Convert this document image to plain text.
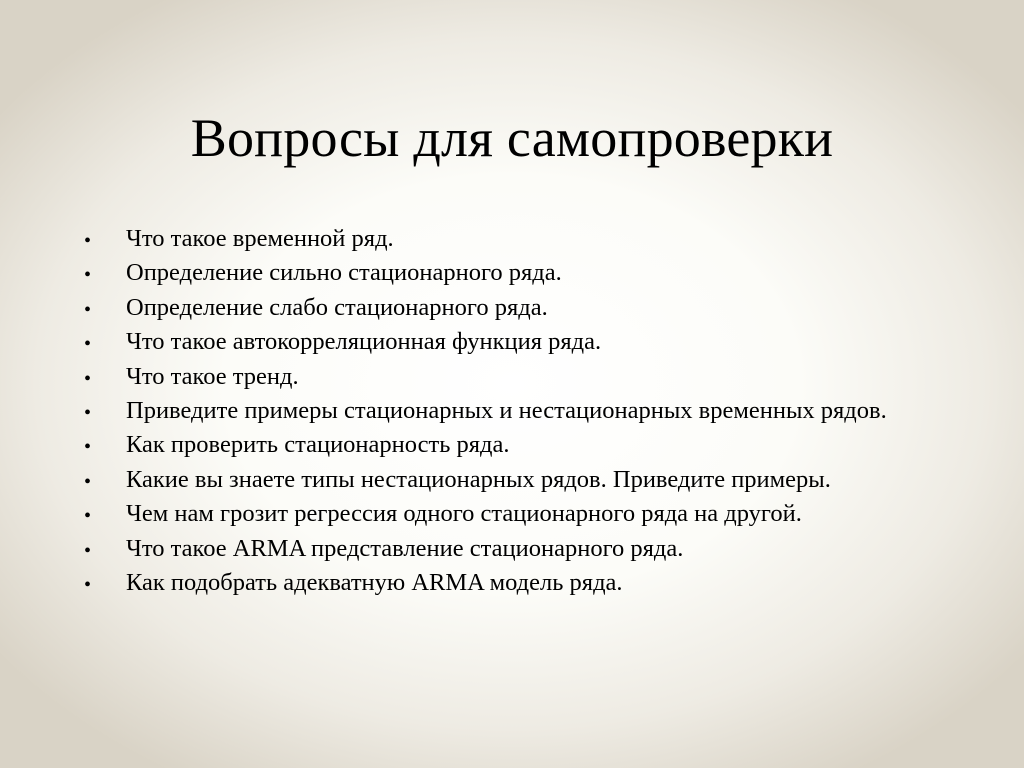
Вопросы для самопроверки
•	Что такое временной ряд.
•	Определение сильно стационарного ряда.
•	Определение слабо стационарного ряда.
•	Что такое автокорреляционная функция ряда.
•	Что такое тренд.
•	Приведите примеры стационарных и нестационарных временных рядов.
•	Как проверить стационарность ряда.
•	Какие вы знаете типы нестационарных рядов. Приведите примеры.
•	Чем нам грозит регрессия одного стационарного ряда на другой.
•	Что такое ARMA представление стационарного ряда.
•	Как подобрать адекватную ARMA модель ряда.
